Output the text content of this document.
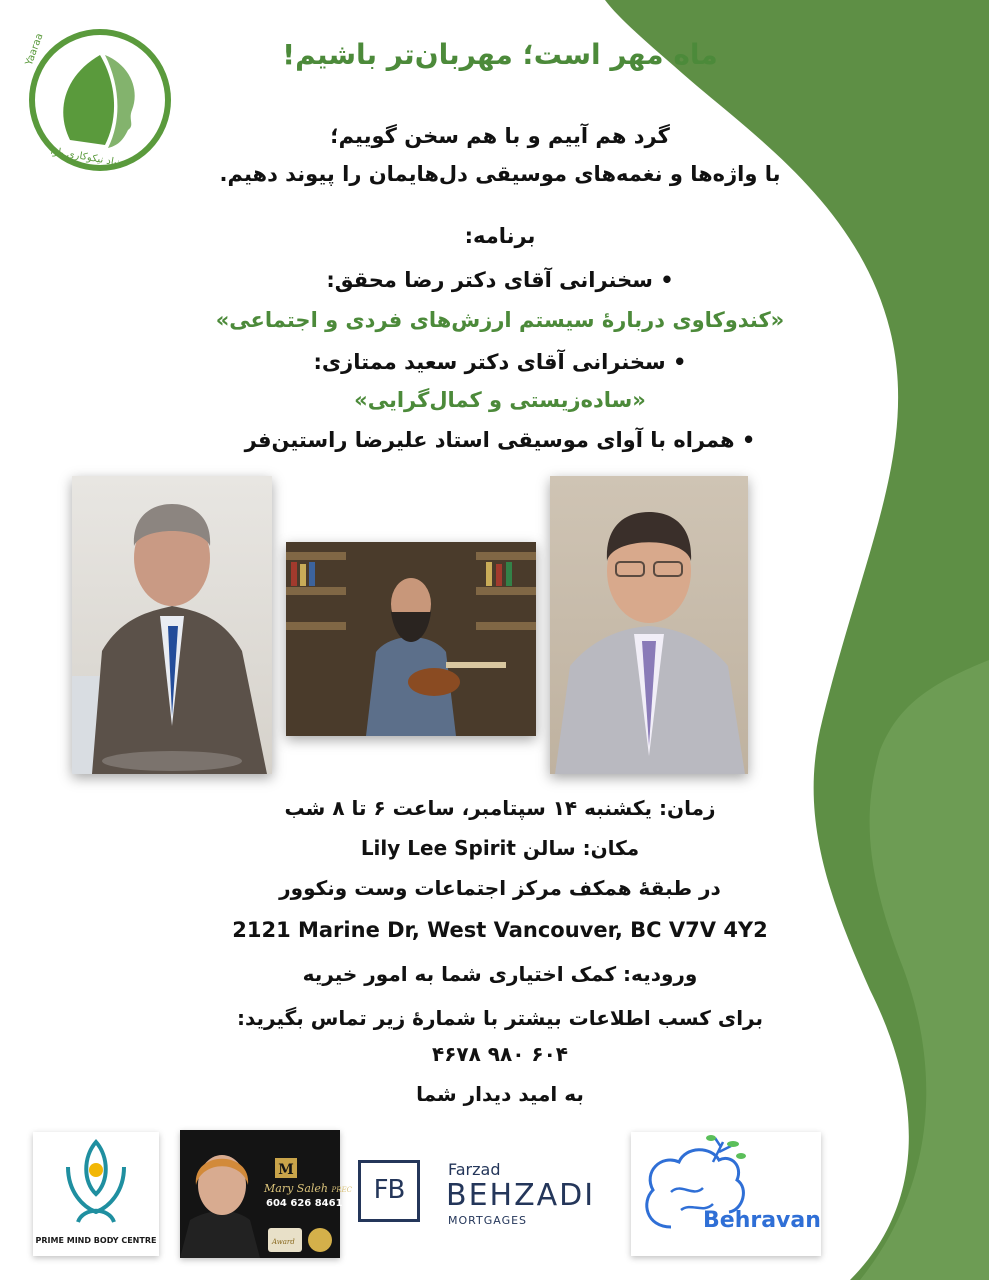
Yaaraa
بنیاد نیکوکاری یارا
ماه مهر است؛ مهربان‌تر باشیم!
گرد هم آییم و با هم سخن گوییم؛
با واژه‌ها و نغمه‌های موسیقی دل‌هایمان را پیوند دهیم.
برنامه:
• سخنرانی آقای دکتر رضا محقق:
«کندوکاوی دربارهٔ سیستم ارزش‌های فردی و اجتماعی»
• سخنرانی آقای دکتر سعید ممتازی:
«ساده‌زیستی و کمال‌گرایی»
• همراه با آوای موسیقی استاد علیرضا راستین‌فر
زمان: یکشنبه ۱۴ سپتامبر، ساعت ۶ تا ۸ شب
مکان: سالن Lily Lee Spirit
در طبقهٔ همکف مرکز اجتماعات وست ونکوور
2121 Marine Dr, West Vancouver, BC V7V 4Y2
ورودیه: کمک اختیاری شما به امور خیریه
برای کسب اطلاعات بیشتر با شمارهٔ زیر تماس بگیرید:
۶۰۴ ۹۸۰ ۴۶۷۸
به امید دیدار شما
PRIME MIND BODY CENTRE
M
Mary Saleh PREC
604 626 8461
Award
FB
Farzad
BEHZADI
MORTGAGES	Behravan
